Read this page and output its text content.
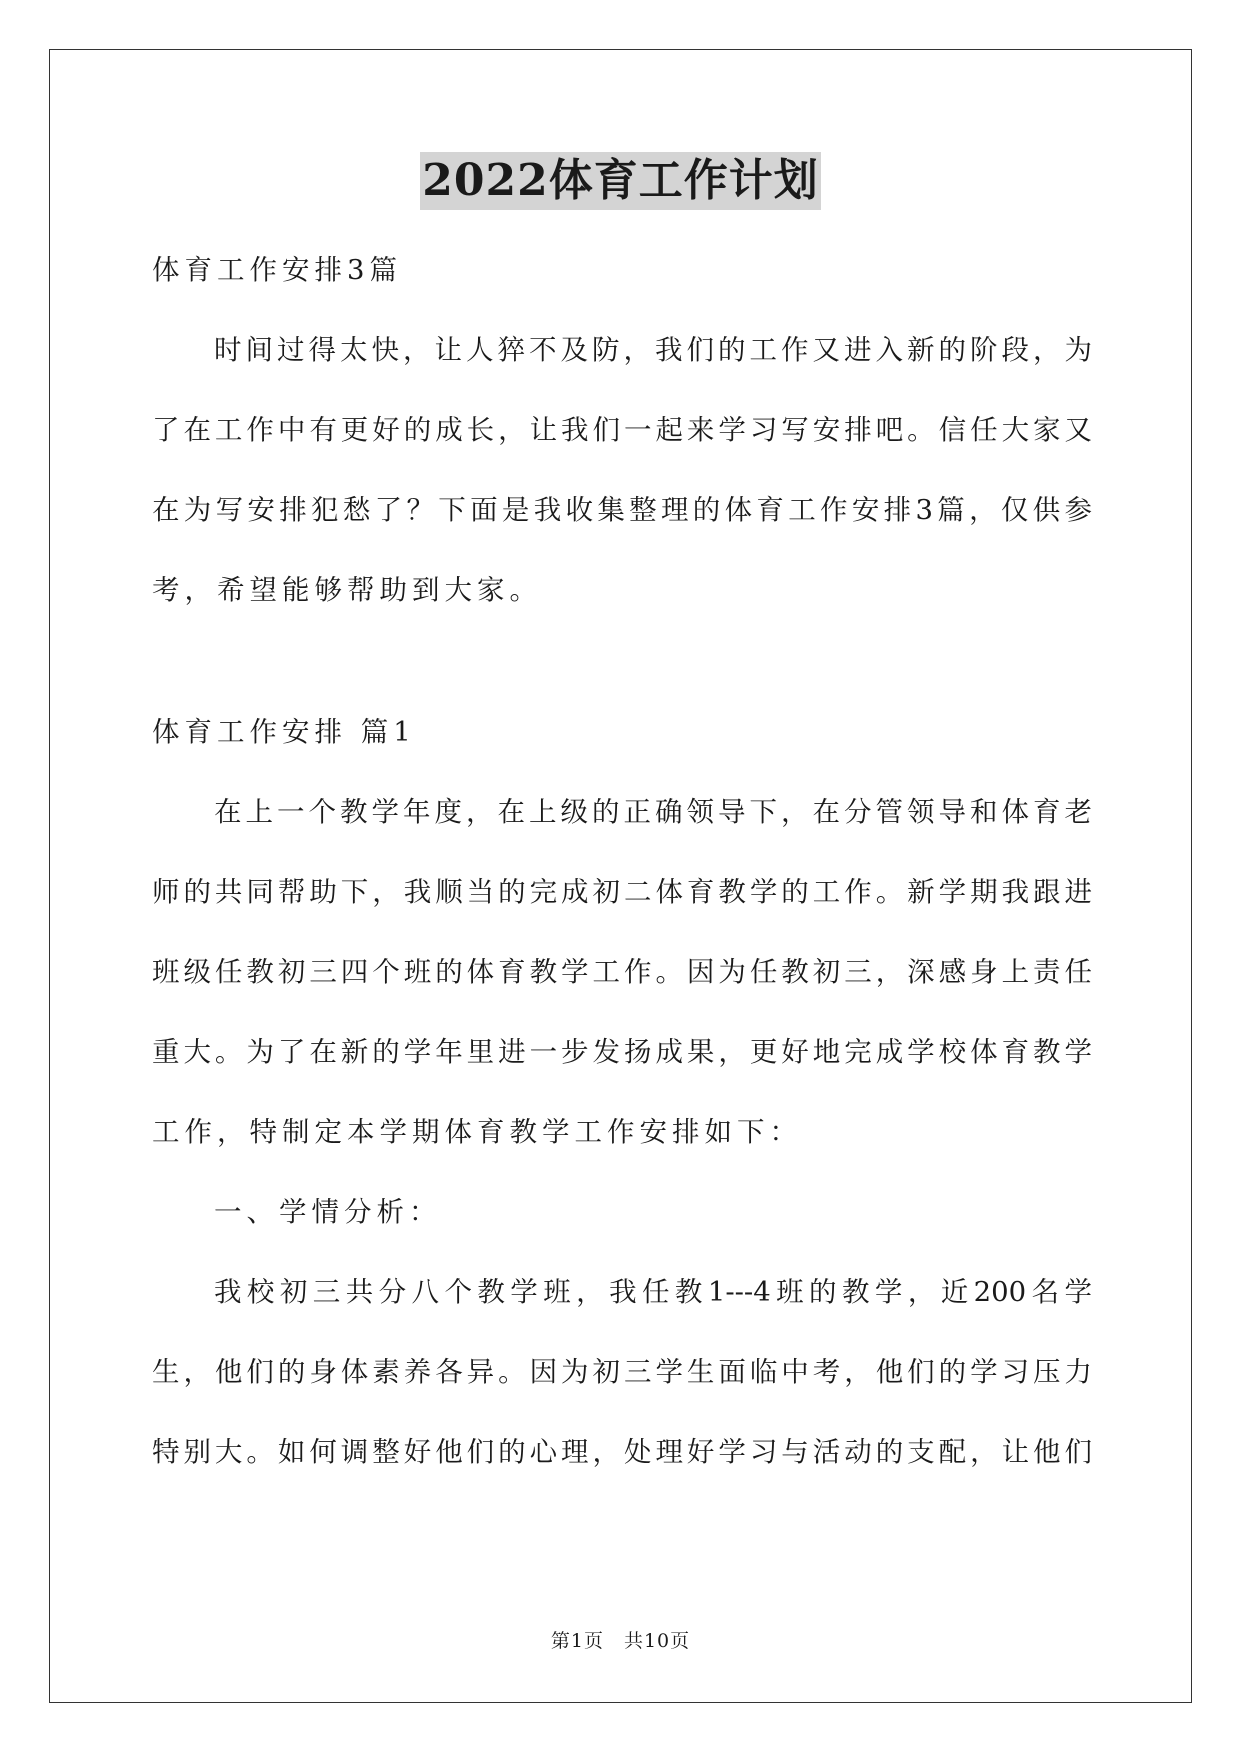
2022体育工作计划
体育工作安排3篇
时间过得太快，让人猝不及防，我们的工作又进入新的阶段，为
了在工作中有更好的成长，让我们一起来学习写安排吧。信任大家又
在为写安排犯愁了？下面是我收集整理的体育工作安排3篇，仅供参
考，希望能够帮助到大家。
体育工作安排 篇1
在上一个教学年度，在上级的正确领导下，在分管领导和体育老
师的共同帮助下，我顺当的完成初二体育教学的工作。新学期我跟进
班级任教初三四个班的体育教学工作。因为任教初三，深感身上责任
重大。为了在新的学年里进一步发扬成果，更好地完成学校体育教学
工作，特制定本学期体育教学工作安排如下：
一、学情分析：
我校初三共分八个教学班，我任教1---4班的教学，近200名学
生，他们的身体素养各异。因为初三学生面临中考，他们的学习压力
特别大。如何调整好他们的心理，处理好学习与活动的支配，让他们
第1页　共10页
